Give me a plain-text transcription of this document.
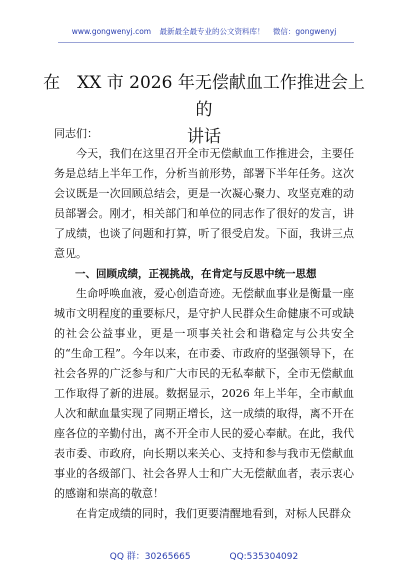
www.gongwenyj.com 最新最全最专业的公文资料库！ 微信：gongwenyj
在　XX 市 2026 年无偿献血工作推进会上的
讲话

同志们：

今天，我们在这里召开全市无偿献血工作推进会，主要任务是总结上半年工作，分析当前形势，部署下半年任务。这次会议既是一次回顾总结会，更是一次凝心聚力、攻坚克难的动员部署会。刚才，相关部门和单位的同志作了很好的发言，讲了成绩，也谈了问题和打算，听了很受启发。下面，我讲三点意见。

一、回顾成绩，正视挑战，在肯定与反思中统一思想

生命呼唤血液，爱心创造奇迹。无偿献血事业是衡量一座城市文明程度的重要标尺，是守护人民群众生命健康不可或缺的社会公益事业，更是一项事关社会和谐稳定与公共安全的“生命工程”。今年以来，在市委、市政府的坚强领导下，在社会各界的广泛参与和广大市民的无私奉献下，全市无偿献血工作取得了新的进展。数据显示，2026 年上半年，全市献血人次和献血量实现了同期正增长，这一成绩的取得，离不开在座各位的辛勤付出，离不开全市人民的爱心奉献。在此，我代表市委、市政府，向长期以来关心、支持和参与我市无偿献血事业的各级部门、社会各界人士和广大无偿献血者，表示衷心的感谢和崇高的敬意！

在肯定成绩的同时，我们更要清醒地看到，对标人民群众

QQ 群：30265665	QQ:535304092
